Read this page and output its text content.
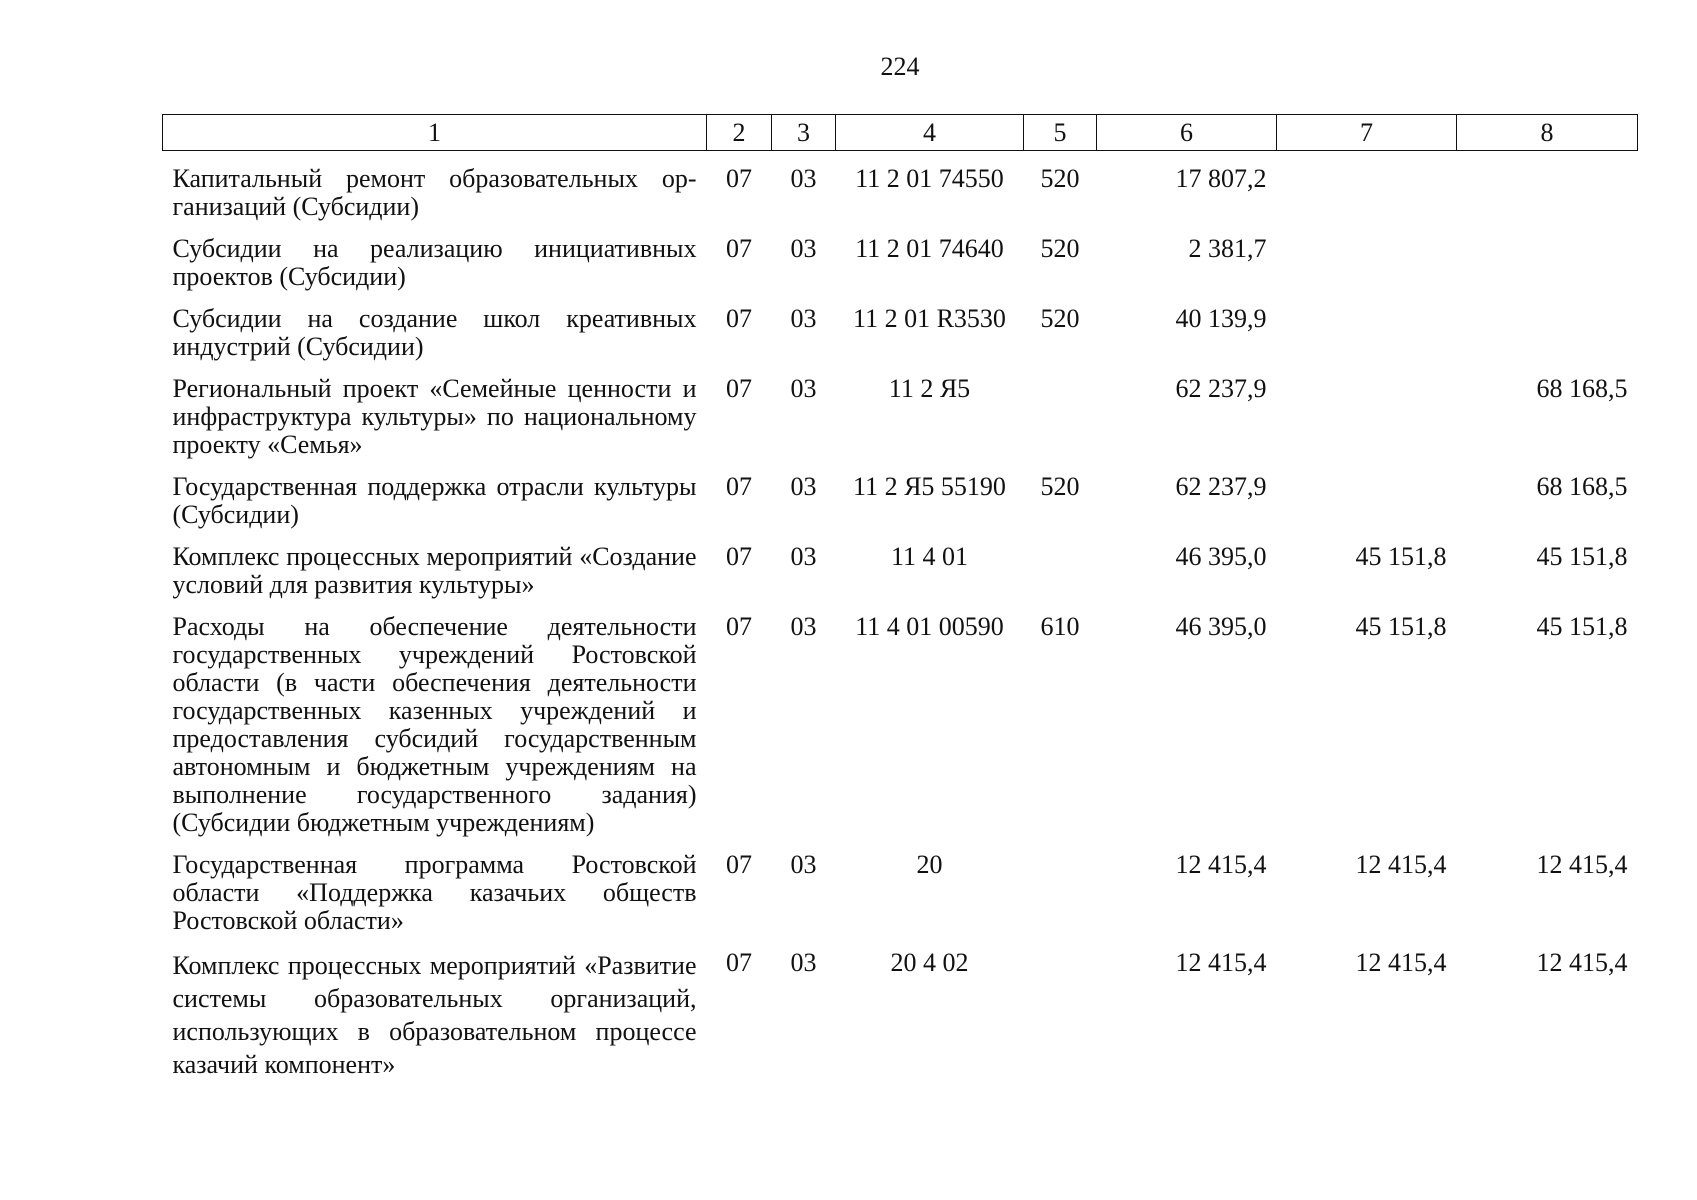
224
1	2	3	4	5	6	7	8
Капитальный ремонт образовательных организаций (Субсидии)	07	03	11 2 01 74550	520	17 807,2		
Субсидии на реализацию инициативных проектов (Субсидии)	07	03	11 2 01 74640	520	2 381,7		
Субсидии на создание школ креативных индустрий (Субсидии)	07	03	11 2 01 R3530	520	40 139,9		
Региональный проект «Семейные ценности и инфраструктура культуры» по национальному проекту «Семья»	07	03	11 2 Я5		62 237,9		68 168,5
Государственная поддержка отрасли культуры (Субсидии)	07	03	11 2 Я5 55190	520	62 237,9		68 168,5
Комплекс процессных мероприятий «Создание условий для развития культуры»	07	03	11 4 01		46 395,0	45 151,8	45 151,8
Расходы на обеспечение деятельности государственных учреждений Ростовской области (в части обеспечения деятельности государственных казенных учреждений и предоставления субсидий государственным автономным и бюджетным учреждениям на выполнение государственного задания) (Субсидии бюджетным учреждениям)	07	03	11 4 01 00590	610	46 395,0	45 151,8	45 151,8
Государственная программа Ростовской области «Поддержка казачьих обществ Ростовской области»	07	03	20		12 415,4	12 415,4	12 415,4
Комплекс процессных мероприятий «Развитие системы образовательных организаций, использующих в образовательном процессе казачий компонент»	07	03	20 4 02		12 415,4	12 415,4	12 415,4
